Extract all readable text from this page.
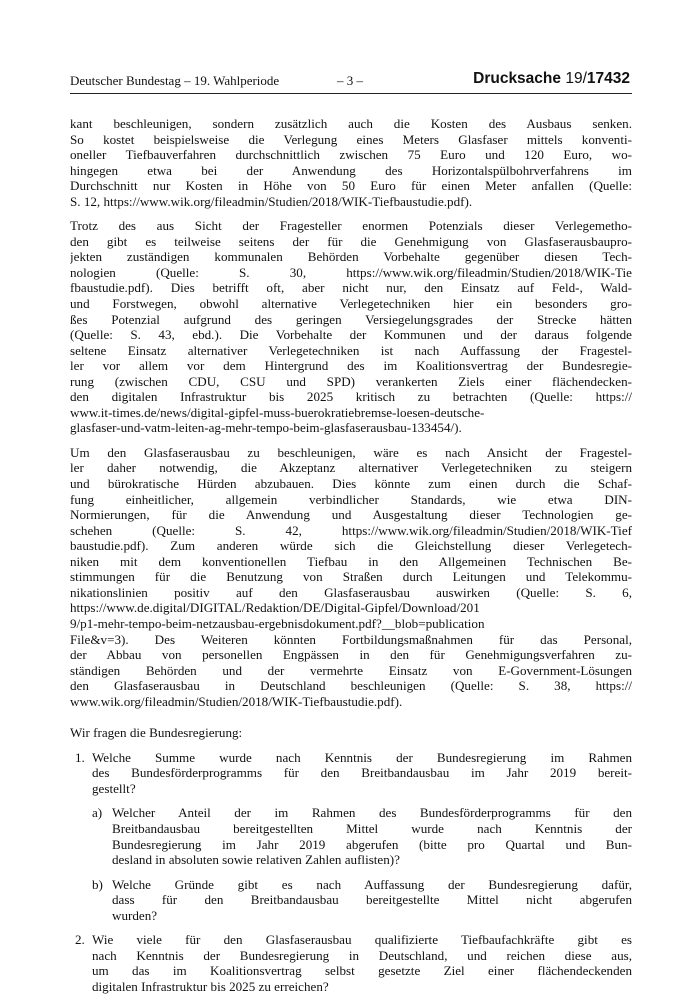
Deutscher Bundestag – 19. Wahlperiode	– 3 –	Drucksache 19/17432
kant beschleunigen, sondern zusätzlich auch die Kosten des Ausbaus senken.
So kostet beispielsweise die Verlegung eines Meters Glasfaser mittels konventi-
oneller Tiefbauverfahren durchschnittlich zwischen 75 Euro und 120 Euro, wo-
hingegen etwa bei der Anwendung des Horizontalspülbohrverfahrens im
Durchschnitt nur Kosten in Höhe von 50 Euro für einen Meter anfallen (Quelle:
S. 12, https://www.wik.org/fileadmin/Studien/2018/WIK-Tiefbaustudie.pdf).
Trotz des aus Sicht der Fragesteller enormen Potenzials dieser Verlegemetho-
den gibt es teilweise seitens der für die Genehmigung von Glasfaserausbaupro-
jekten zuständigen kommunalen Behörden Vorbehalte gegenüber diesen Tech-
nologien (Quelle: S. 30, https://www.wik.org/fileadmin/Studien/2018/WIK-Tie
fbaustudie.pdf). Dies betrifft oft, aber nicht nur, den Einsatz auf Feld-, Wald-
und Forstwegen, obwohl alternative Verlegetechniken hier ein besonders gro-
ßes Potenzial aufgrund des geringen Versiegelungsgrades der Strecke hätten
(Quelle: S. 43, ebd.). Die Vorbehalte der Kommunen und der daraus folgende
seltene Einsatz alternativer Verlegetechniken ist nach Auffassung der Fragestel-
ler vor allem vor dem Hintergrund des im Koalitionsvertrag der Bundesregie-
rung (zwischen CDU, CSU und SPD) verankerten Ziels einer flächendecken-
den digitalen Infrastruktur bis 2025 kritisch zu betrachten (Quelle: https://
www.it-times.de/news/digital-gipfel-muss-buerokratiebremse-loesen-deutsche-
glasfaser-und-vatm-leiten-ag-mehr-tempo-beim-glasfaserausbau-133454/).
Um den Glasfaserausbau zu beschleunigen, wäre es nach Ansicht der Fragestel-
ler daher notwendig, die Akzeptanz alternativer Verlegetechniken zu steigern
und bürokratische Hürden abzubauen. Dies könnte zum einen durch die Schaf-
fung einheitlicher, allgemein verbindlicher Standards, wie etwa DIN-
Normierungen, für die Anwendung und Ausgestaltung dieser Technologien ge-
schehen (Quelle: S. 42, https://www.wik.org/fileadmin/Studien/2018/WIK-Tief
baustudie.pdf). Zum anderen würde sich die Gleichstellung dieser Verlegetech-
niken mit dem konventionellen Tiefbau in den Allgemeinen Technischen Be-
stimmungen für die Benutzung von Straßen durch Leitungen und Telekommu-
nikationslinien positiv auf den Glasfaserausbau auswirken (Quelle: S. 6,
https://www.de.digital/DIGITAL/Redaktion/DE/Digital-Gipfel/Download/201
9/p1-mehr-tempo-beim-netzausbau-ergebnisdokument.pdf?__blob=publication
File&v=3). Des Weiteren könnten Fortbildungsmaßnahmen für das Personal,
der Abbau von personellen Engpässen in den für Genehmigungsverfahren zu-
ständigen Behörden und der vermehrte Einsatz von E-Government-Lösungen
den Glasfaserausbau in Deutschland beschleunigen (Quelle: S. 38, https://
www.wik.org/fileadmin/Studien/2018/WIK-Tiefbaustudie.pdf).
Wir fragen die Bundesregierung:
1. Welche Summe wurde nach Kenntnis der Bundesregierung im Rahmen
des Bundesförderprogramms für den Breitbandausbau im Jahr 2019 bereit-
gestellt?
a) Welcher Anteil der im Rahmen des Bundesförderprogramms für den
Breitbandausbau bereitgestellten Mittel wurde nach Kenntnis der
Bundesregierung im Jahr 2019 abgerufen (bitte pro Quartal und Bun-
desland in absoluten sowie relativen Zahlen auflisten)?
b) Welche Gründe gibt es nach Auffassung der Bundesregierung dafür,
dass für den Breitbandausbau bereitgestellte Mittel nicht abgerufen
wurden?
2. Wie viele für den Glasfaserausbau qualifizierte Tiefbaufachkräfte gibt es
nach Kenntnis der Bundesregierung in Deutschland, und reichen diese aus,
um das im Koalitionsvertrag selbst gesetzte Ziel einer flächendeckenden
digitalen Infrastruktur bis 2025 zu erreichen?
